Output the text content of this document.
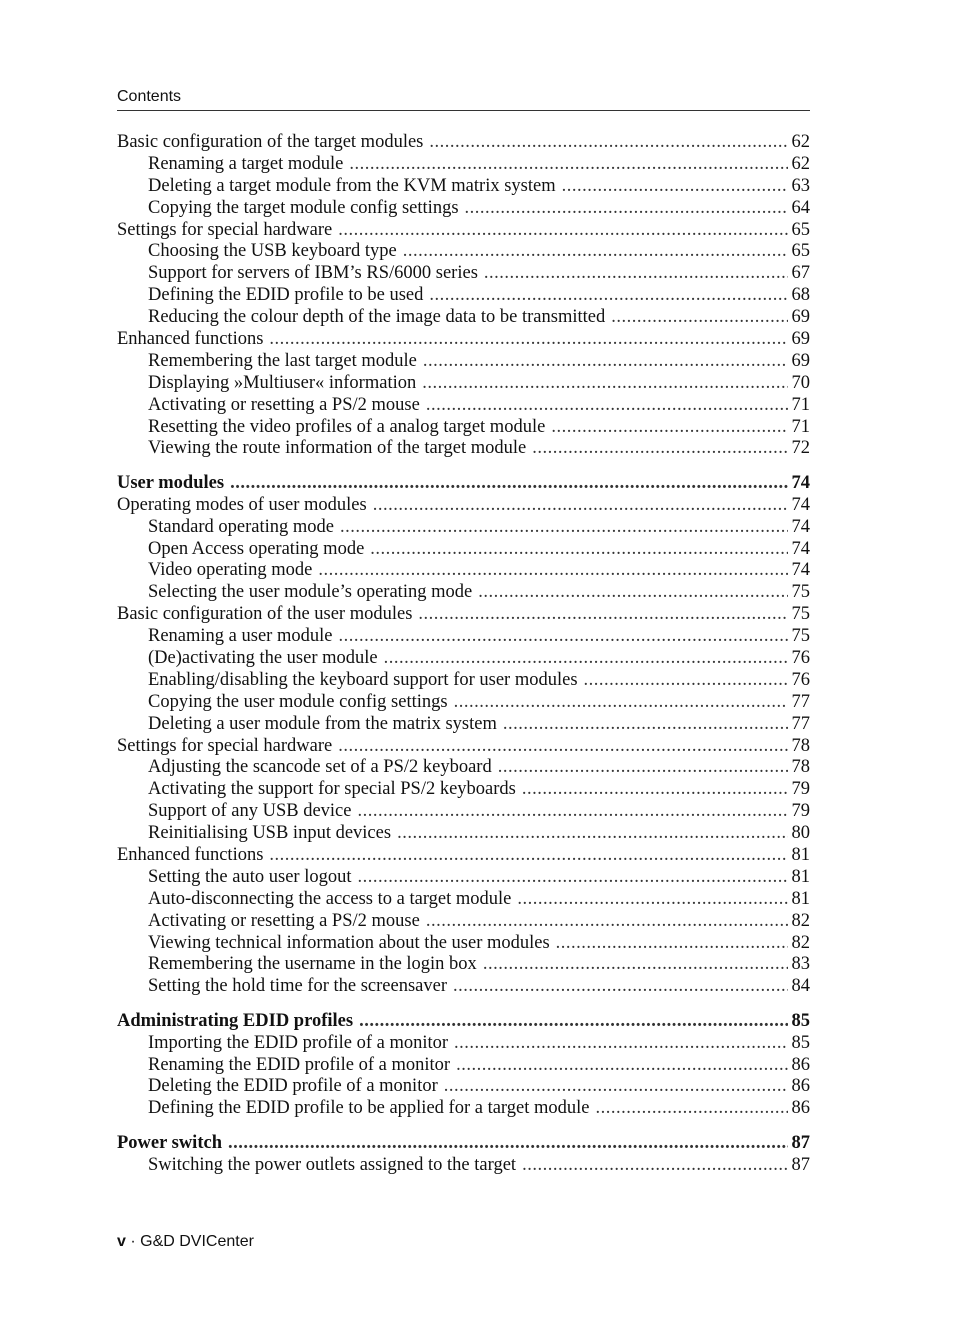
Contents
Basic configuration of the target modules .....	62
Renaming a target module .....	62
Deleting a target module from the KVM matrix system .....	63
Copying the target module config settings .....	64
Settings for special hardware .....	65
Choosing the USB keyboard type .....	65
Support for servers of IBM’s RS/6000 series .....	67
Defining the EDID profile to be used .....	68
Reducing the colour depth of the image data to be transmitted .....	69
Enhanced functions .....	69
Remembering the last target module .....	69
Displaying »Multiuser« information .....	70
Activating or resetting a PS/2 mouse .....	71
Resetting the video profiles of a analog target module .....	71
Viewing the route information of the target module .....	72
User modules .....	74
Operating modes of user modules .....	74
Standard operating mode .....	74
Open Access operating mode .....	74
Video operating mode .....	74
Selecting the user module’s operating mode .....	75
Basic configuration of the user modules .....	75
Renaming a user module .....	75
(De)activating the user module .....	76
Enabling/disabling the keyboard support for user modules .....	76
Copying the user module config settings .....	77
Deleting a user module from the matrix system .....	77
Settings for special hardware .....	78
Adjusting the scancode set of a PS/2 keyboard .....	78
Activating the support for special PS/2 keyboards .....	79
Support of any USB device .....	79
Reinitialising USB input devices .....	80
Enhanced functions .....	81
Setting the auto user logout .....	81
Auto-disconnecting the access to a target module .....	81
Activating or resetting a PS/2 mouse .....	82
Viewing technical information about the user modules .....	82
Remembering the username in the login box .....	83
Setting the hold time for the screensaver .....	84
Administrating EDID profiles .....	85
Importing the EDID profile of a monitor .....	85
Renaming the EDID profile of a monitor .....	86
Deleting the EDID profile of a monitor .....	86
Defining the EDID profile to be applied for a target module .....	86
Power switch .....	87
Switching the power outlets assigned to the target .....	87
v · G&D DVICenter
